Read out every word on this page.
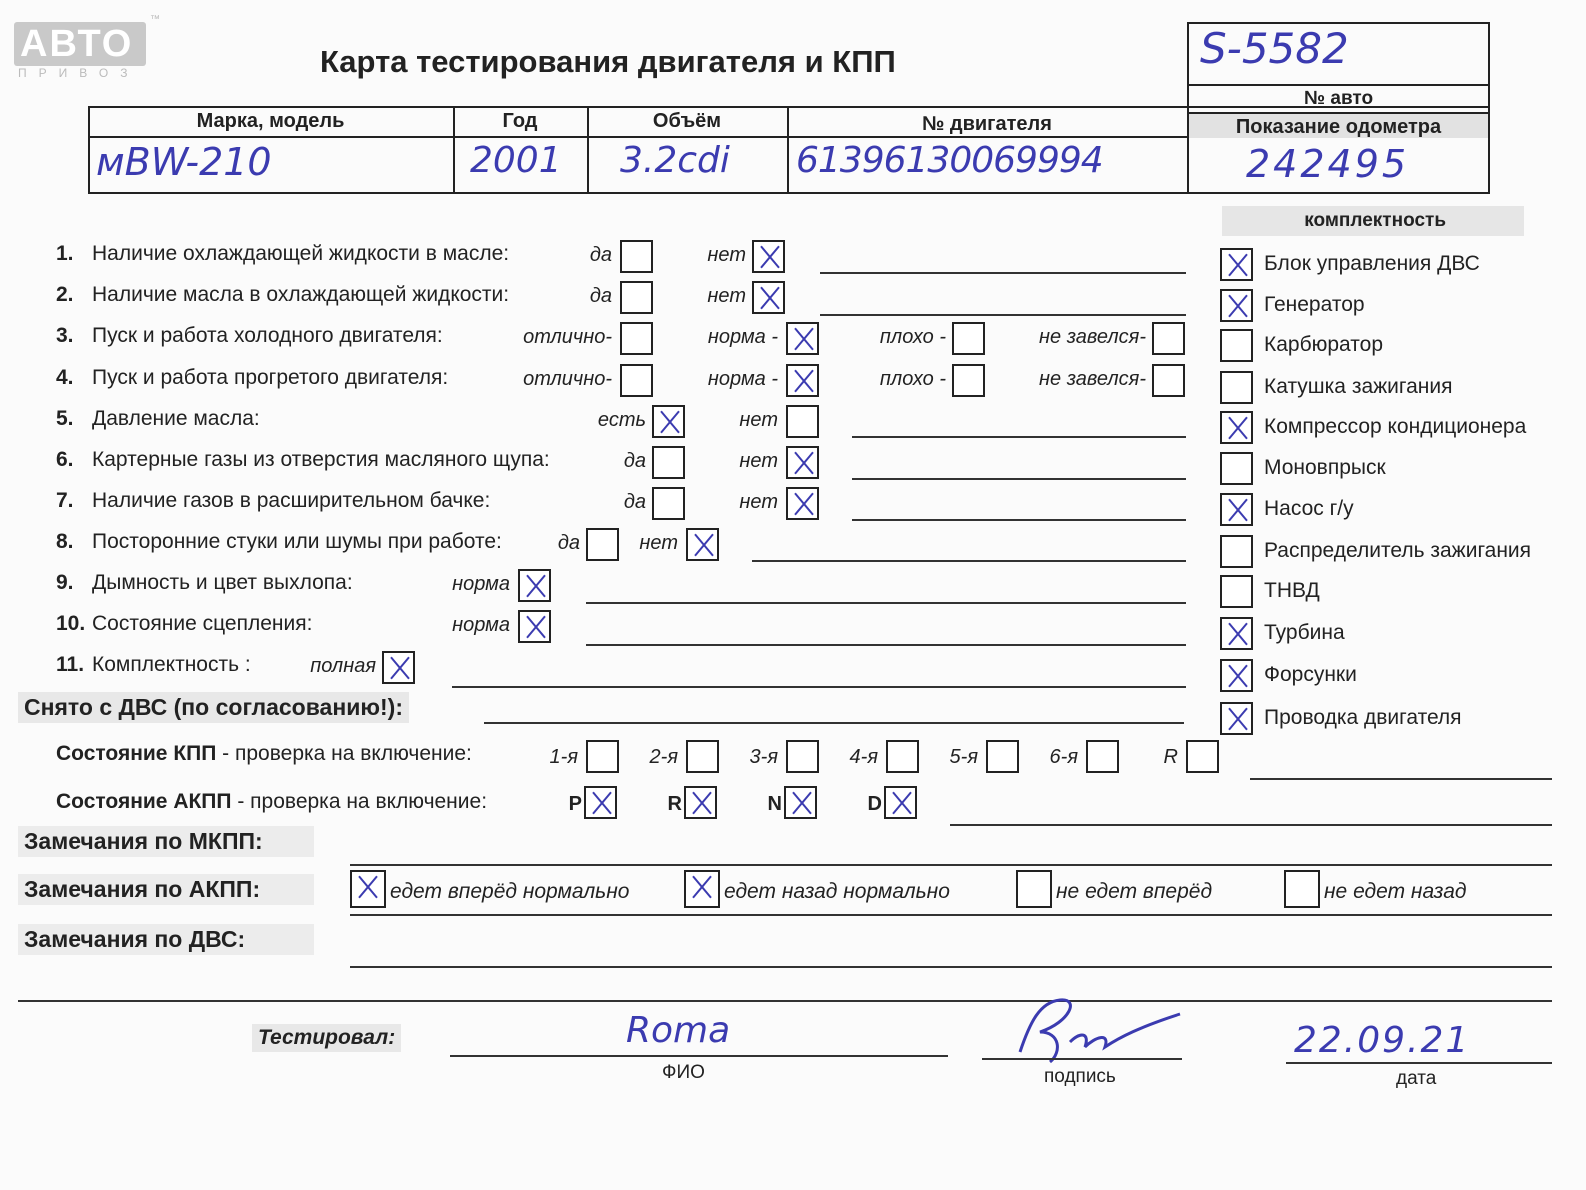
АВТО
ПРИВОЗ
™
Карта тестирования двигателя и КПП	S-5582
№ авто
Марка, модель	Год	Объём	№ двигателя	Показание одометра
мBW-210	2001 3.2cdi 61396130069994	242495
1. Наличие охлаждающей жидкости в масле:	да	нет
2. Наличие масла в охлаждающей жидкости:	да	нет
3. Пуск и работа холодного двигателя:	отлично-	норма -	плохо -	не завелся-
4. Пуск и работа прогретого двигателя:	отлично-	норма -	плохо -	не завелся-
5. Давление масла:	есть	нет
6. Картерные газы из отверстия масляного щупа:	да	нет
7. Наличие газов в расширительном бачке:	да	нет
8. Посторонние стуки или шумы при работе:	да	нет
9. Дымность и цвет выхлопа:	норма
10. Состояние сцепления:	норма
11. Комплектность :	полная
комплектность
Блок управления ДВС
Генератор
Карбюратор
Катушка зажигания
Компрессор кондиционера
Моновпрыск
Насос г/у
Распределитель зажигания
ТНВД
Турбина
Форсунки
Проводка двигателя
Снято с ДВС (по согласованию!):
Состояние КПП - проверка на включение:	1-я	2-я	3-я	4-я	5-я	6-я	R
Состояние АКПП - проверка на включение:	P	R	N	D
Замечания по МКПП:
Замечания по АКПП:	едет вперёд нормально	едет назад нормально	не едет вперёд	не едет назад
Замечания по ДВС:
Тестировал:	Roma
ФИО	подпись
22.09.21
дата
